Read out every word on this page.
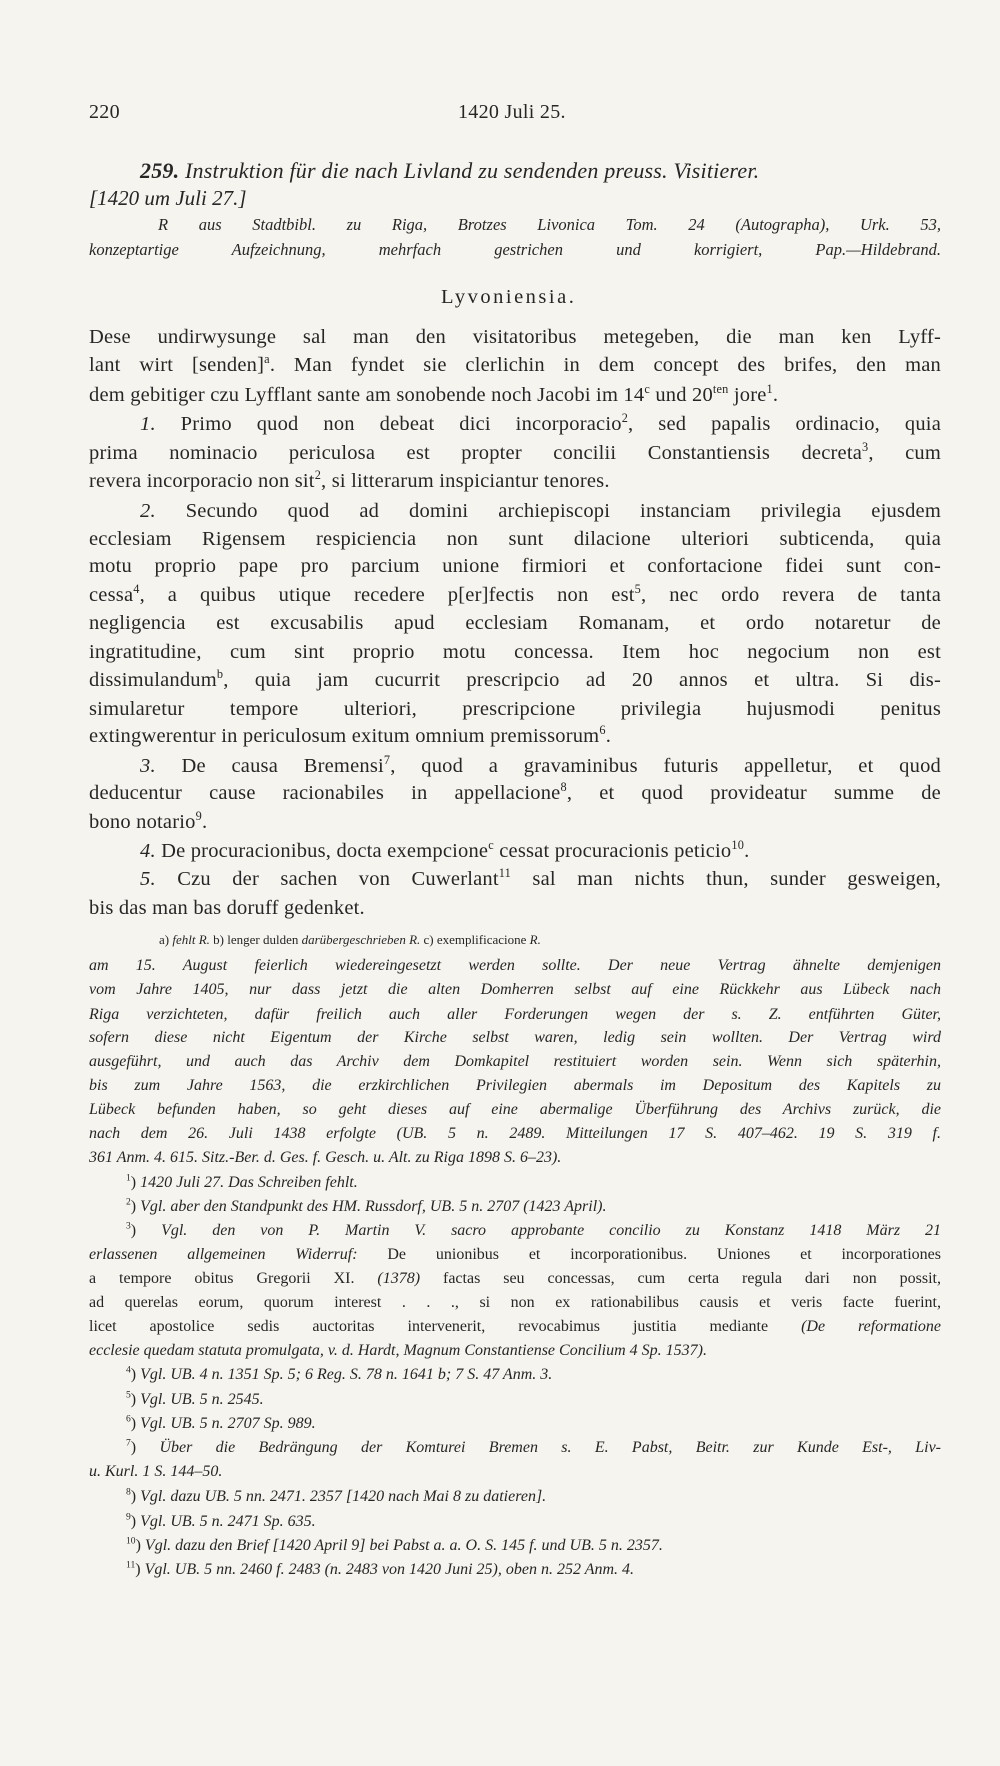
220	1420 Juli 25.
259. Instruktion für die nach Livland zu sendenden preuss. Visitierer.
[1420 um Juli 27.]
R aus Stadtbibl. zu Riga, Brotzes Livonica Tom. 24 (Autographa), Urk. 53,
konzeptartige Aufzeichnung, mehrfach gestrichen und korrigiert, Pap.—Hildebrand.
Lyvoniensia.
Dese undirwysunge sal man den visitatoribus metegeben, die man ken Lyff-
lant wirt [senden]$^a$. Man fyndet sie clerlichin in dem concept des brifes, den man
dem gebitiger czu Lyfflant sante am sonobende noch Jacobi im 14$^c$ und $20^{ten}$ jore$^1$.
1. Primo quod non debeat dici incorporacio$^2$, sed papalis ordinacio, quia
prima nominacio periculosa est propter concilii Constantiensis decreta$^3$, cum
revera incorporacio non sit$^2$, si litterarum inspiciantur tenores.
2. Secundo quod ad domini archiepiscopi instanciam privilegia ejusdem
ecclesiam Rigensem respiciencia non sunt dilacione ulteriori subticenda, quia
motu proprio pape pro parcium unione firmiori et confortacione fidei sunt con-
cessa$^4$, a quibus utique recedere p[er]fectis non est$^5$, nec ordo revera de tanta
negligencia est excusabilis apud ecclesiam Romanam, et ordo notaretur de
ingratitudine, cum sint proprio motu concessa. Item hoc negocium non est
dissimulandum$^b$, quia jam cucurrit prescripcio ad 20 annos et ultra. Si dis-
simularetur tempore ulteriori, prescripcione privilegia hujusmodi penitus
extingwerentur in periculosum exitum omnium premissorum$^6$.
3. De causa Bremensi$^7$, quod a gravaminibus futuris appelletur, et quod
deducentur cause racionabiles in appellacione$^8$, et quod provideatur summe de
bono notario$^9$.
4. De procuracionibus, docta exempcione$^c$ cessat procuracionis peticio$^{10}$.
5. Czu der sachen von Cuwerlant$^{11}$ sal man nichts thun, sunder gesweigen,
bis das man bas doruff gedenket.
a) fehlt R. b) lenger dulden darübergeschrieben R. c) exemplificacione R.
am 15. August feierlich wiedereingesetzt werden sollte. Der neue Vertrag ähnelte demjenigen
vom Jahre 1405, nur dass jetzt die alten Domherren selbst auf eine Rückkehr aus Lübeck nach
Riga verzichteten, dafür freilich auch aller Forderungen wegen der s. Z. entführten Güter,
sofern diese nicht Eigentum der Kirche selbst waren, ledig sein wollten. Der Vertrag wird
ausgeführt, und auch das Archiv dem Domkapitel restituiert worden sein. Wenn sich späterhin,
bis zum Jahre 1563, die erzkirchlichen Privilegien abermals im Depositum des Kapitels zu
Lübeck befunden haben, so geht dieses auf eine abermalige Überführung des Archivs zurück, die
nach dem 26. Juli 1438 erfolgte (UB. 5 n. 2489. Mitteilungen 17 S. 407–462. 19 S. 319 f.
361 Anm. 4. 615. Sitz.-Ber. d. Ges. f. Gesch. u. Alt. zu Riga 1898 S. 6–23).
$^1$) 1420 Juli 27. Das Schreiben fehlt.
$^2$) Vgl. aber den Standpunkt des HM. Russdorf, UB. 5 n. 2707 (1423 April).
$^3$) Vgl. den von P. Martin V. sacro approbante concilio zu Konstanz 1418 März 21
erlassenen allgemeinen Widerruf: De unionibus et incorporationibus. Uniones et incorporationes
a tempore obitus Gregorii XI. (1378) factas seu concessas, cum certa regula dari non possit,
ad querelas eorum, quorum interest . . ., si non ex rationabilibus causis et veris facte fuerint,
licet apostolice sedis auctoritas intervenerit, revocabimus justitia mediante (De reformatione
ecclesie quedam statuta promulgata, v. d. Hardt, Magnum Constantiense Concilium 4 Sp. 1537).
$^4$) Vgl. UB. 4 n. 1351 Sp. 5; 6 Reg. S. 78 n. 1641 b; 7 S. 47 Anm. 3.
$^5$) Vgl. UB. 5 n. 2545.
$^6$) Vgl. UB. 5 n. 2707 Sp. 989.
$^7$) Über die Bedrängung der Komturei Bremen s. E. Pabst, Beitr. zur Kunde Est-, Liv-
u. Kurl. 1 S. 144–50.
$^8$) Vgl. dazu UB. 5 nn. 2471. 2357 [1420 nach Mai 8 zu datieren].
$^9$) Vgl. UB. 5 n. 2471 Sp. 635.
$^{10}$) Vgl. dazu den Brief [1420 April 9] bei Pabst a. a. O. S. 145 f. und UB. 5 n. 2357.
$^{11}$) Vgl. UB. 5 nn. 2460 f. 2483 (n. 2483 von 1420 Juni 25), oben n. 252 Anm. 4.
